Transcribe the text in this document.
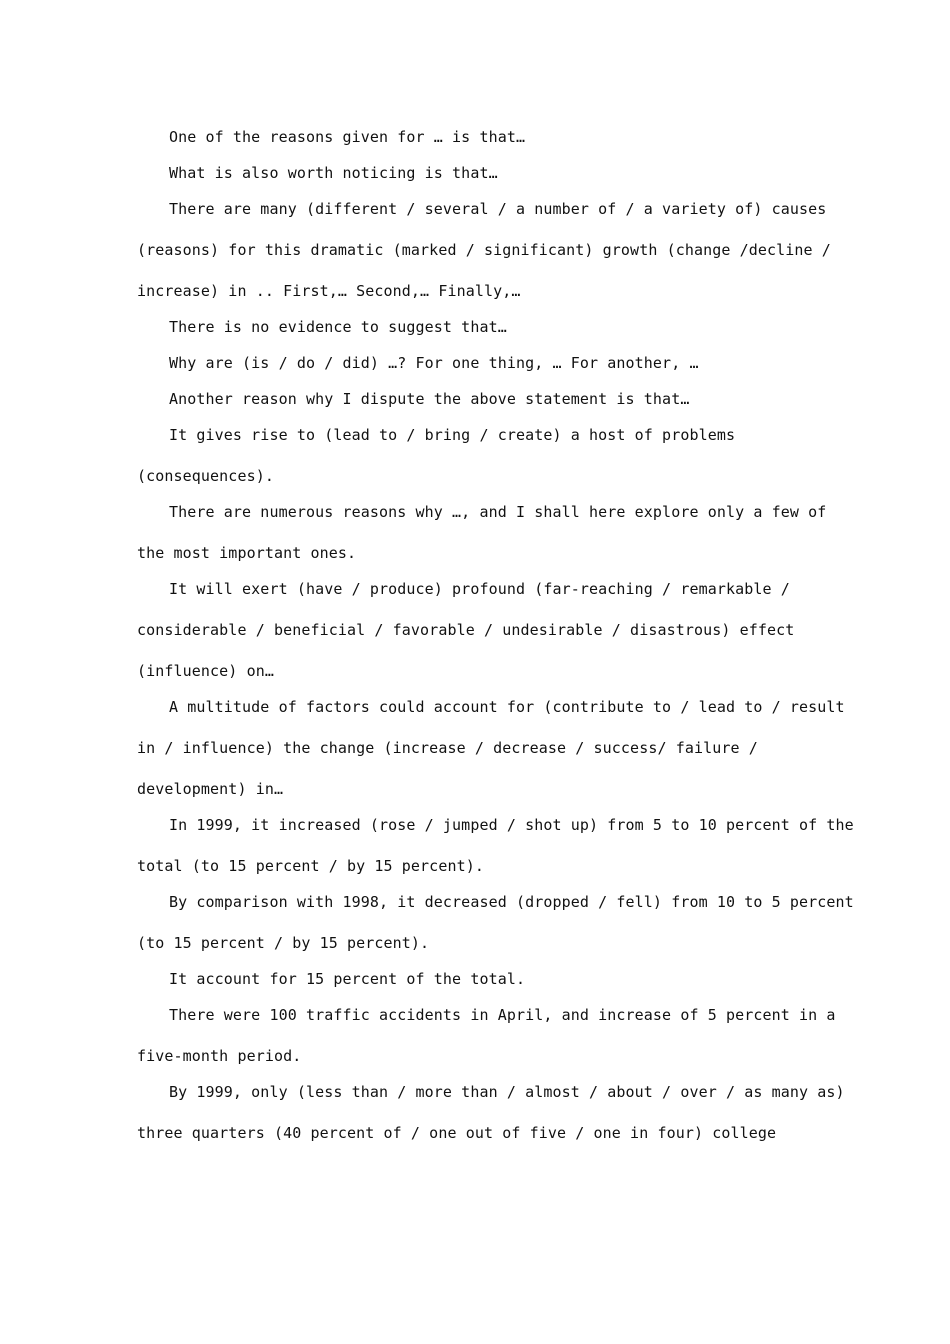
One of the reasons given for … is that…
What is also worth noticing is that…
There are many (different / several / a number of / a variety of) causes
(reasons) for this dramatic (marked / significant) growth (change /decline /
increase) in .. First,… Second,… Finally,…
There is no evidence to suggest that…
Why are (is / do / did) …? For one thing, … For another, …
Another reason why I dispute the above statement is that…
It gives rise to (lead to / bring / create) a host of problems
(consequences).
There are numerous reasons why …, and I shall here explore only a few of
the most important ones.
It will exert (have / produce) profound (far-reaching / remarkable /
considerable / beneficial / favorable / undesirable / disastrous) effect
(influence) on…
A multitude of factors could account for (contribute to / lead to / result
in / influence) the change (increase / decrease / success/ failure /
development) in…
In 1999, it increased (rose / jumped / shot up) from 5 to 10 percent of the
total (to 15 percent / by 15 percent).
By comparison with 1998, it decreased (dropped / fell) from 10 to 5 percent
(to 15 percent / by 15 percent).
It account for 15 percent of the total.
There were 100 traffic accidents in April, and increase of 5 percent in a
five-month period.
By 1999, only (less than / more than / almost / about / over / as many as)
three quarters (40 percent of / one out of five / one in four) college
